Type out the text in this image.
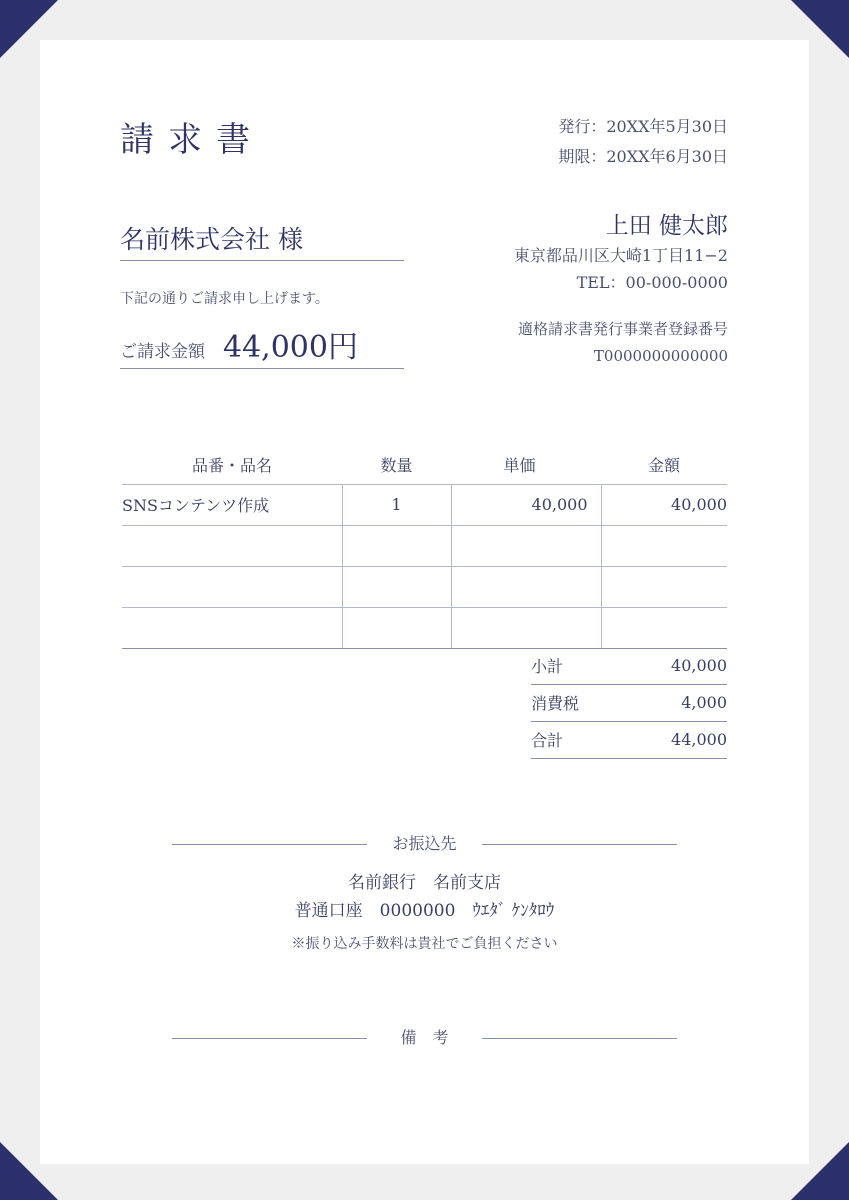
請求書	発行：20XX年5月30日
期限：20XX年6月30日
名前株式会社 様
下記の通りご請求申し上げます。
ご請求金額 44,000円
上田 健太郎
東京都品川区大崎1丁目11−2
TEL：00-000-0000
適格請求書発行事業者登録番号
T0000000000000
品番・品名	数量	単価	金額
SNSコンテンツ作成	1	40,000	40,000

小計	40,000
消費税	4,000
合計	44,000
お振込先
名前銀行　名前支店
普通口座　0000000　ｳｴﾀﾞ ｹﾝﾀﾛｳ
※振り込み手数料は貴社でご負担ください
備　考
